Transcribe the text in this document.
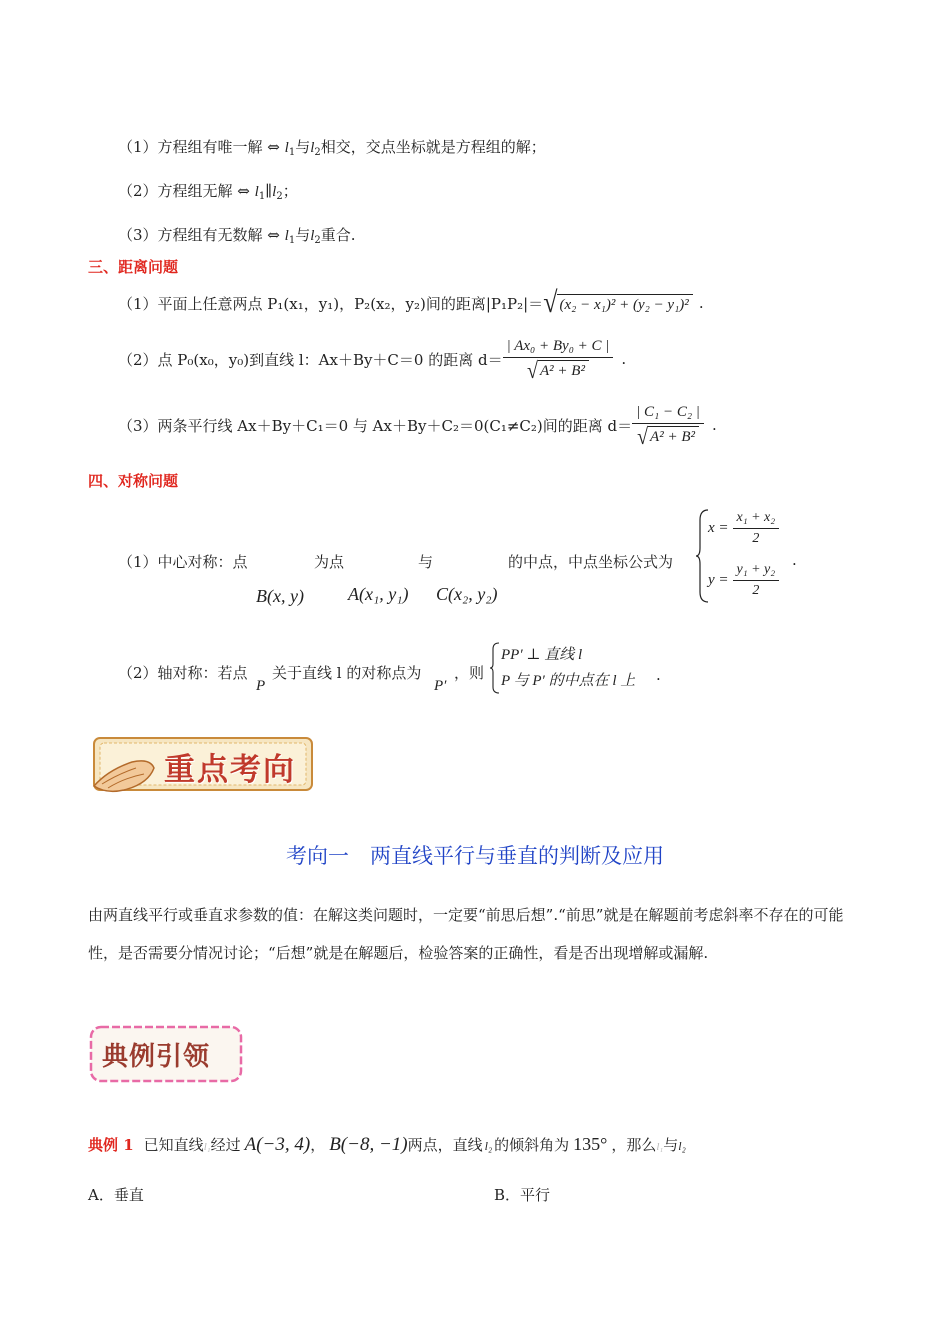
（1）方程组有唯一解 ⇔ $l_1$与$l_2$相交，交点坐标就是方程组的解；
（2）方程组无解 ⇔ $l_1\parallel l_2$；
（3）方程组有无数解 ⇔ $l_1$与$l_2$重合.
三、距离问题
（1）平面上任意两点 P₁(x₁，y₁)，P₂(x₂，y₂)间的距离|P₁P₂|＝ √ (x₂ − x₁)² + (y₂ − y₁)² .
（2）点 P₀(x₀，y₀)到直线 l：Ax＋By＋C＝0 的距离 $d= \frac{\text{| Ax₀ + By₀ + C |}}{\text{√ A² + B²}}$ .
（3）两条平行线 Ax＋By＋C₁＝0 与 Ax＋By＋C₂＝0(C₁≠C₂)间的距离 $d= \frac{\text{| C₁ − C₂ |}}{\text{√ A² + B²}}$ .
四、对称问题
（1）中心对称：点	为点	与	的中点，中点坐标公式为
B(x, y) A(x₁, y₁) C(x₂, y₂)
$x = \frac{\text{x₁ + x₂}}{2}$
$y = \frac{\text{y₁ + y₂}}{2}$
.
（2）轴对称：若点
P
关于直线 l 的对称点为
P′
，则
PP′ ⊥ 直线 l
P 与 P′ 的中点在 l 上 .
重点考向
考向一　两直线平行与垂直的判断及应用
由两直线平行或垂直求参数的值：在解这类问题时，一定要“前思后想”.“前思”就是在解题前考虑斜率不存在的可能性，是否需要分情况讨论；“后想”就是在解题后，检验答案的正确性，看是否出现增解或漏解.
典例引领
典例 1 已知直线 l₁ 经过 A(−3, 4) ， B(−8, −1) 两点，直线 l₂ 的倾斜角为 135° ，那么 l₁ 与 l₂
A．垂直	B．平行
